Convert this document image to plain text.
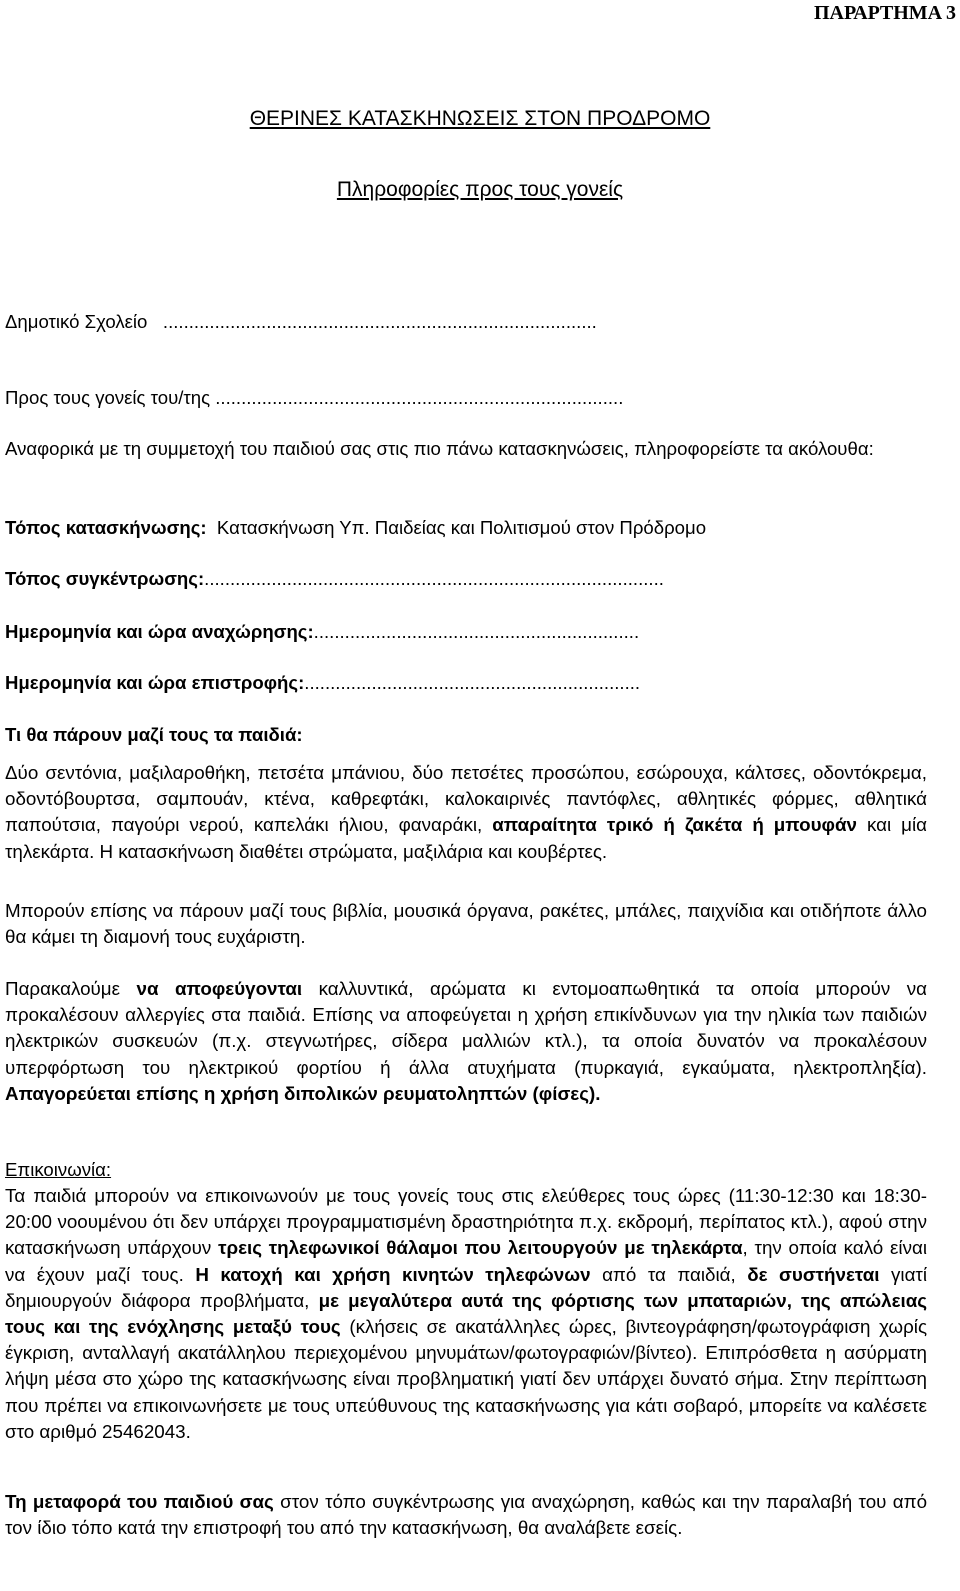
ΠΑΡΑΡΤΗΜΑ 3
ΘΕΡΙΝΕΣ ΚΑΤΑΣΚΗΝΩΣΕΙΣ ΣΤΟΝ ΠΡΟΔΡΟΜΟ
Πληροφορίες προς τους γονείς
Δημοτικό Σχολείο ....................................................................................
Προς τους γονείς του/της ...............................................................................
Αναφορικά με τη συμμετοχή του παιδιού σας στις πιο πάνω κατασκηνώσεις, πληροφορείστε τα ακόλουθα:
Τόπος κατασκήνωσης: Κατασκήνωση Υπ. Παιδείας και Πολιτισμού στον Πρόδρομο
Τόπος συγκέντρωσης:.........................................................................................
Ημερομηνία και ώρα αναχώρησης:...............................................................
Ημερομηνία και ώρα επιστροφής:.................................................................
Τι θα πάρουν μαζί τους τα παιδιά:
Δύο σεντόνια, μαξιλαροθήκη, πετσέτα μπάνιου, δύο πετσέτες προσώπου, εσώρουχα, κάλτσες, οδοντόκρεμα, οδοντόβουρτσα, σαμπουάν, κτένα, καθρεφτάκι, καλοκαιρινές παντόφλες, αθλητικές φόρμες, αθλητικά παπούτσια, παγούρι νερού, καπελάκι ήλιου, φαναράκι, απαραίτητα τρικό ή ζακέτα ή μπουφάν και μία τηλεκάρτα. Η κατασκήνωση διαθέτει στρώματα, μαξιλάρια και κουβέρτες.
Μπορούν επίσης να πάρουν μαζί τους βιβλία, μουσικά όργανα, ρακέτες, μπάλες, παιχνίδια και οτιδήποτε άλλο θα κάμει τη διαμονή τους ευχάριστη.
Παρακαλούμε να αποφεύγονται καλλυντικά, αρώματα κι εντομοαπωθητικά τα οποία μπορούν να προκαλέσουν αλλεργίες στα παιδιά. Επίσης να αποφεύγεται η χρήση επικίνδυνων για την ηλικία των παιδιών ηλεκτρικών συσκευών (π.χ. στεγνωτήρες, σίδερα μαλλιών κτλ.), τα οποία δυνατόν να προκαλέσουν υπερφόρτωση του ηλεκτρικού φορτίου ή άλλα ατυχήματα (πυρκαγιά, εγκαύματα, ηλεκτροπληξία). Απαγορεύεται επίσης η χρήση διπολικών ρευματοληπτών (φίσες).
Επικοινωνία:
Τα παιδιά μπορούν να επικοινωνούν με τους γονείς τους στις ελεύθερες τους ώρες (11:30-12:30 και 18:30-20:00 νοουμένου ότι δεν υπάρχει προγραμματισμένη δραστηριότητα π.χ. εκδρομή, περίπατος κτλ.), αφού στην κατασκήνωση υπάρχουν τρεις τηλεφωνικοί θάλαμοι που λειτουργούν με τηλεκάρτα, την οποία καλό είναι να έχουν μαζί τους. Η κατοχή και χρήση κινητών τηλεφώνων από τα παιδιά, δε συστήνεται γιατί δημιουργούν διάφορα προβλήματα, με μεγαλύτερα αυτά της φόρτισης των μπαταριών, της απώλειας τους και της ενόχλησης μεταξύ τους (κλήσεις σε ακατάλληλες ώρες, βιντεογράφηση/φωτογράφιση χωρίς έγκριση, ανταλλαγή ακατάλληλου περιεχομένου μηνυμάτων/φωτογραφιών/βίντεο). Επιπρόσθετα η ασύρματη λήψη μέσα στο χώρο της κατασκήνωσης είναι προβληματική γιατί δεν υπάρχει δυνατό σήμα. Στην περίπτωση που πρέπει να επικοινωνήσετε με τους υπεύθυνους της κατασκήνωσης για κάτι σοβαρό, μπορείτε να καλέσετε στο αριθμό 25462043.
Τη μεταφορά του παιδιού σας στον τόπο συγκέντρωσης για αναχώρηση, καθώς και την παραλαβή του από τον ίδιο τόπο κατά την επιστροφή του από την κατασκήνωση, θα αναλάβετε εσείς.
